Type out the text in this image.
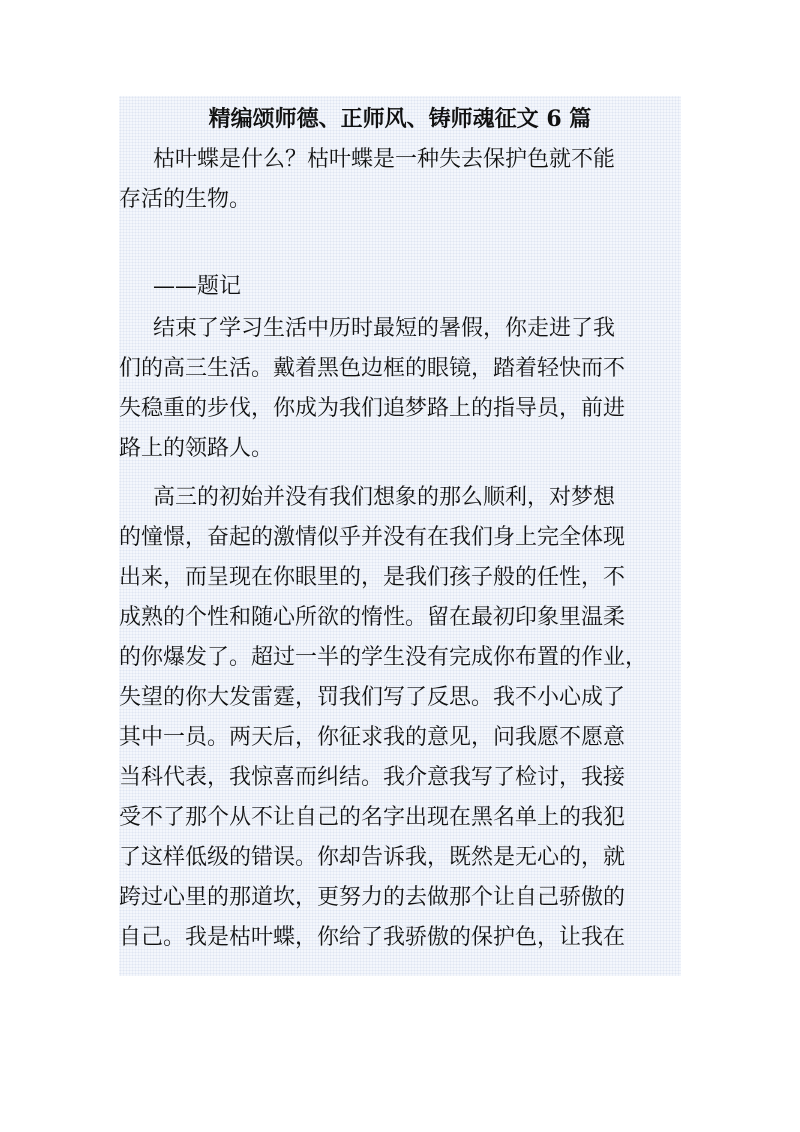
精编颂师德、正师风、铸师魂征文 6 篇
枯叶蝶是什么？枯叶蝶是一种失去保护色就不能
存活的生物。
——题记
结束了学习生活中历时最短的暑假，你走进了我
们的高三生活。戴着黑色边框的眼镜，踏着轻快而不
失稳重的步伐，你成为我们追梦路上的指导员，前进
路上的领路人。
高三的初始并没有我们想象的那么顺利，对梦想
的憧憬，奋起的激情似乎并没有在我们身上完全体现
出来，而呈现在你眼里的，是我们孩子般的任性，不
成熟的个性和随心所欲的惰性。留在最初印象里温柔
的你爆发了。超过一半的学生没有完成你布置的作业，
失望的你大发雷霆，罚我们写了反思。我不小心成了
其中一员。两天后，你征求我的意见，问我愿不愿意
当科代表，我惊喜而纠结。我介意我写了检讨，我接
受不了那个从不让自己的名字出现在黑名单上的我犯
了这样低级的错误。你却告诉我，既然是无心的，就
跨过心里的那道坎，更努力的去做那个让自己骄傲的
自己。我是枯叶蝶，你给了我骄傲的保护色，让我在
